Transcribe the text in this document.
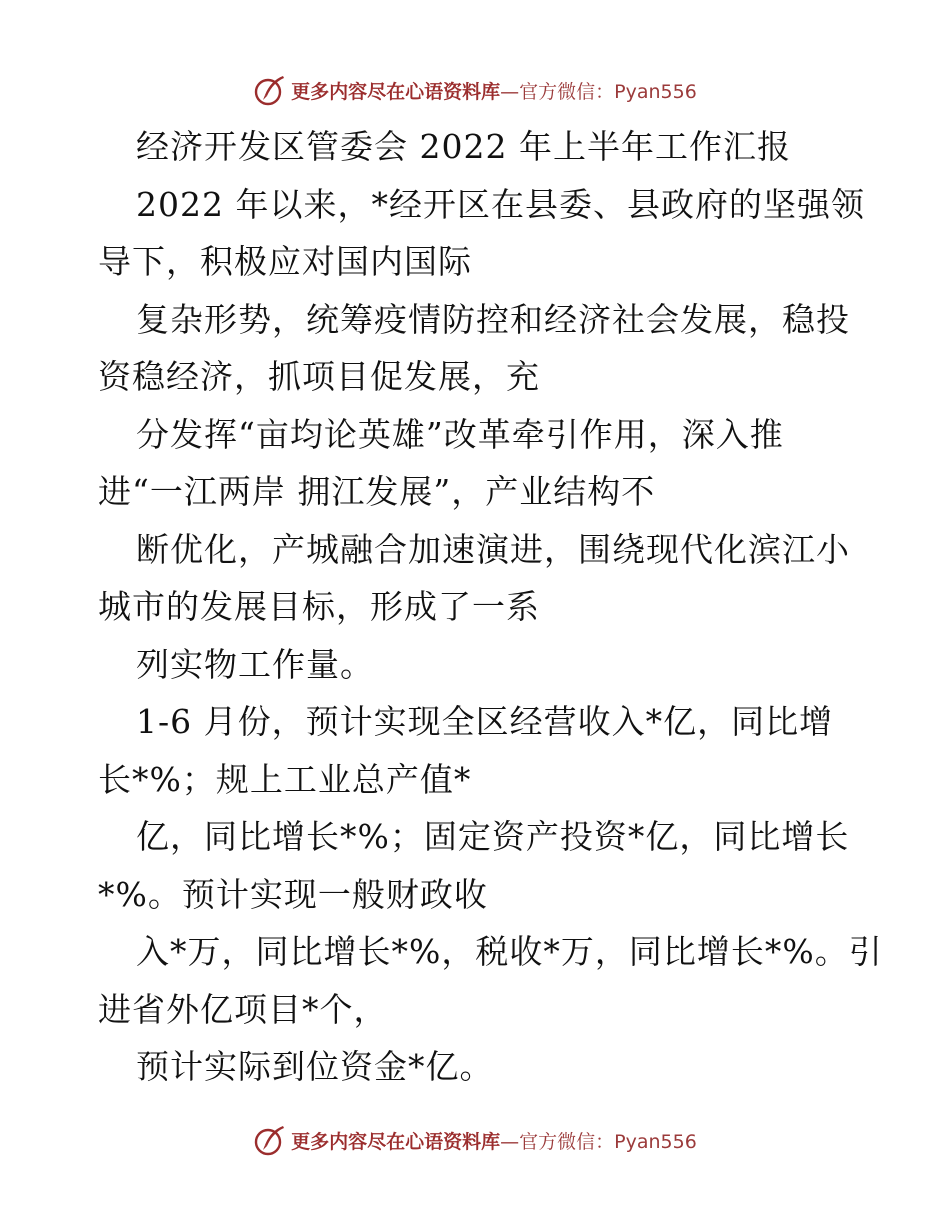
更多内容尽在心语资料库—官方微信：Pyan556
经济开发区管委会 2022 年上半年工作汇报
2022 年以来，*经开区在县委、县政府的坚强领
导下，积极应对国内国际
复杂形势，统筹疫情防控和经济社会发展，稳投
资稳经济，抓项目促发展，充
分发挥“亩均论英雄”改革牵引作用，深入推
进“一江两岸 拥江发展”，产业结构不
断优化，产城融合加速演进，围绕现代化滨江小
城市的发展目标，形成了一系
列实物工作量。
1-6 月份，预计实现全区经营收入*亿，同比增
长*%；规上工业总产值*
亿，同比增长*%；固定资产投资*亿，同比增长
*%。预计实现一般财政收
入*万，同比增长*%，税收*万，同比增长*%。引
进省外亿项目*个，
预计实际到位资金*亿。
更多内容尽在心语资料库—官方微信：Pyan556
